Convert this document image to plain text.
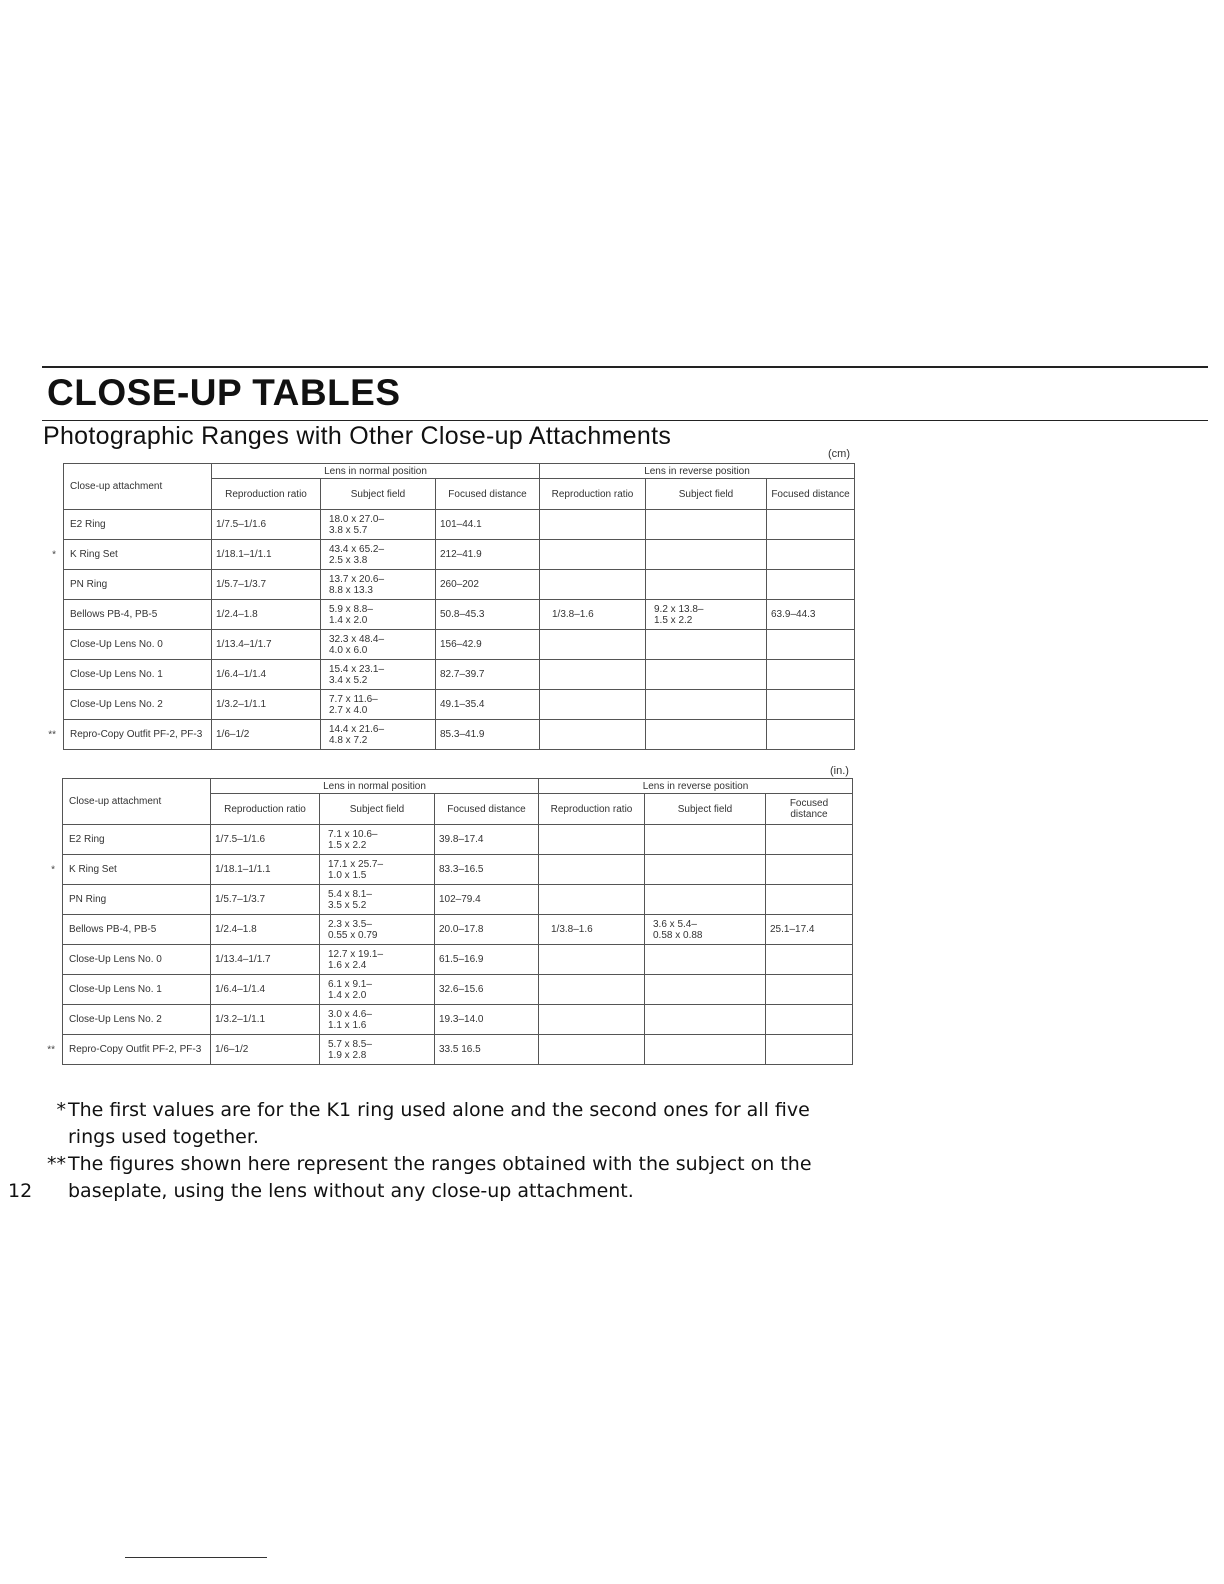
CLOSE-UP TABLES
Photographic Ranges with Other Close-up Attachments
(cm)
Close-up attachment	Lens in normal position			Lens in reverse position		
	Reproduction ratio	Subject field	Focused distance	Reproduction ratio	Subject field	Focused distance

E2 Ring	1/7.5–1/1.6	18.0 x 27.0–
3.8 x 5.7	101–44.1		

* K Ring Set	1/18.1–1/1.1	43.4 x 65.2–
2.5 x 3.8	212–41.9		

PN Ring	1/5.7–1/3.7	13.7 x 20.6–
8.8 x 13.3	260–202		

Bellows PB-4, PB-5	1/2.4–1.8	5.9 x 8.8–
1.4 x 2.0	50.8–45.3	1/3.8–1.6	9.2 x 13.8–
1.5 x 2.2	63.9–44.3

Close-Up Lens No. 0	1/13.4–1/1.7	32.3 x 48.4–
4.0 x 6.0	156–42.9		

Close-Up Lens No. 1	1/6.4–1/1.4	15.4 x 23.1–
3.4 x 5.2	82.7–39.7		

Close-Up Lens No. 2	1/3.2–1/1.1	7.7 x 11.6–
2.7 x 4.0	49.1–35.4		

** Repro-Copy Outfit PF-2, PF-3	1/6–1/2	14.4 x 21.6–
4.8 x 7.2	85.3–41.9		

(in.)
Close-up attachment	Lens in normal position			Lens in reverse position		
	Reproduction ratio	Subject field	Focused distance	Reproduction ratio	Subject field	Focused distance

E2 Ring	1/7.5–1/1.6	7.1 x 10.6–
1.5 x 2.2	39.8–17.4		

* K Ring Set	1/18.1–1/1.1	17.1 x 25.7–
1.0 x 1.5	83.3–16.5		

PN Ring	1/5.7–1/3.7	5.4 x 8.1–
3.5 x 5.2	102–79.4		

Bellows PB-4, PB-5	1/2.4–1.8	2.3 x 3.5–
0.55 x 0.79	20.0–17.8	1/3.8–1.6	3.6 x 5.4–
0.58 x 0.88	25.1–17.4

Close-Up Lens No. 0	1/13.4–1/1.7	12.7 x 19.1–
1.6 x 2.4	61.5–16.9		

Close-Up Lens No. 1	1/6.4–1/1.4	6.1 x 9.1–
1.4 x 2.0	32.6–15.6		

Close-Up Lens No. 2	1/3.2–1/1.1	3.0 x 4.6–
1.1 x 1.6	19.3–14.0		

** Repro-Copy Outfit PF-2, PF-3	1/6–1/2	5.7 x 8.5–
1.9 x 2.8	33.5 16.5		

* The first values are for the K1 ring used alone and the second ones for all five
rings used together.

** The figures shown here represent the ranges obtained with the subject on the
baseplate, using the lens without any close-up attachment.

12
